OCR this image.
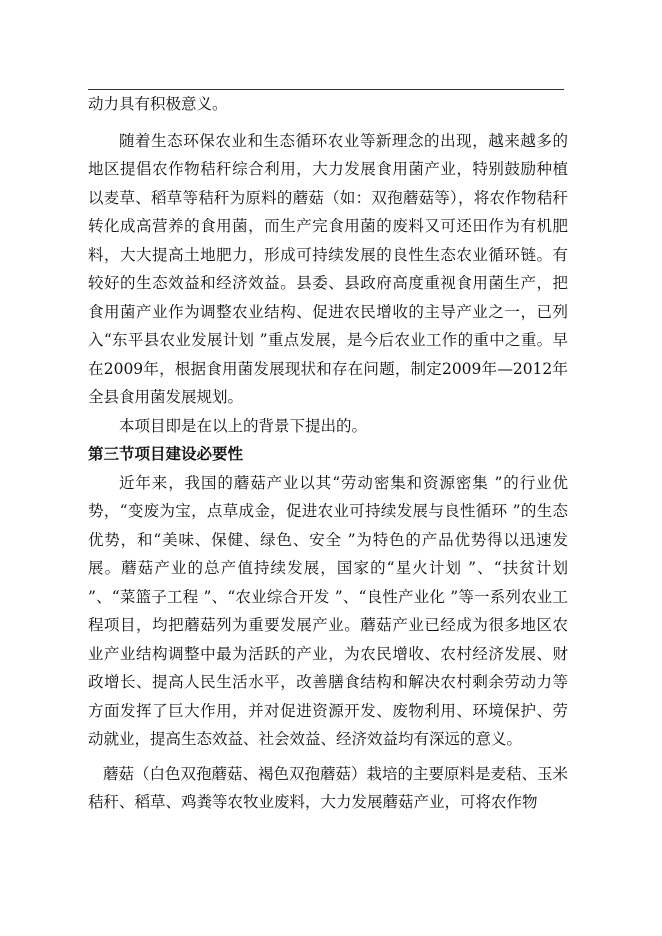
动力具有积极意义。

随着生态环保农业和生态循环农业等新理念的出现，越来越多的地区提倡农作物秸秆综合利用，大力发展食用菌产业，特别鼓励种植以麦草、稻草等秸秆为原料的蘑菇（如：双孢蘑菇等），将农作物秸秆转化成高营养的食用菌，而生产完食用菌的废料又可还田作为有机肥料，大大提高土地肥力，形成可持续发展的良性生态农业循环链。有较好的生态效益和经济效益。县委、县政府高度重视食用菌生产，把食用菌产业作为调整农业结构、促进农民增收的主导产业之一，已列入“东平县农业发展计划 ”重点发展，是今后农业工作的重中之重。早在2009年，根据食用菌发展现状和存在问题，制定2009年—2012年全县食用菌发展规划。

本项目即是在以上的背景下提出的。

第三节项目建设必要性

近年来，我国的蘑菇产业以其“劳动密集和资源密集 ”的行业优势，“变废为宝，点草成金，促进农业可持续发展与良性循环 ”的生态优势，和“美味、保健、绿色、安全 ”为特色的产品优势得以迅速发展。蘑菇产业的总产值持续发展，国家的“星火计划 ”、“扶贫计划 ”、“菜篮子工程 ”、“农业综合开发 ”、“良性产业化 ”等一系列农业工程项目，均把蘑菇列为重要发展产业。蘑菇产业已经成为很多地区农业产业结构调整中最为活跃的产业，为农民增收、农村经济发展、财政增长、提高人民生活水平，改善膳食结构和解决农村剩余劳动力等方面发挥了巨大作用，并对促进资源开发、废物利用、环境保护、劳动就业，提高生态效益、社会效益、经济效益均有深远的意义。

蘑菇（白色双孢蘑菇、褐色双孢蘑菇）栽培的主要原料是麦秸、玉米秸秆、稻草、鸡粪等农牧业废料，大力发展蘑菇产业，可将农作物
